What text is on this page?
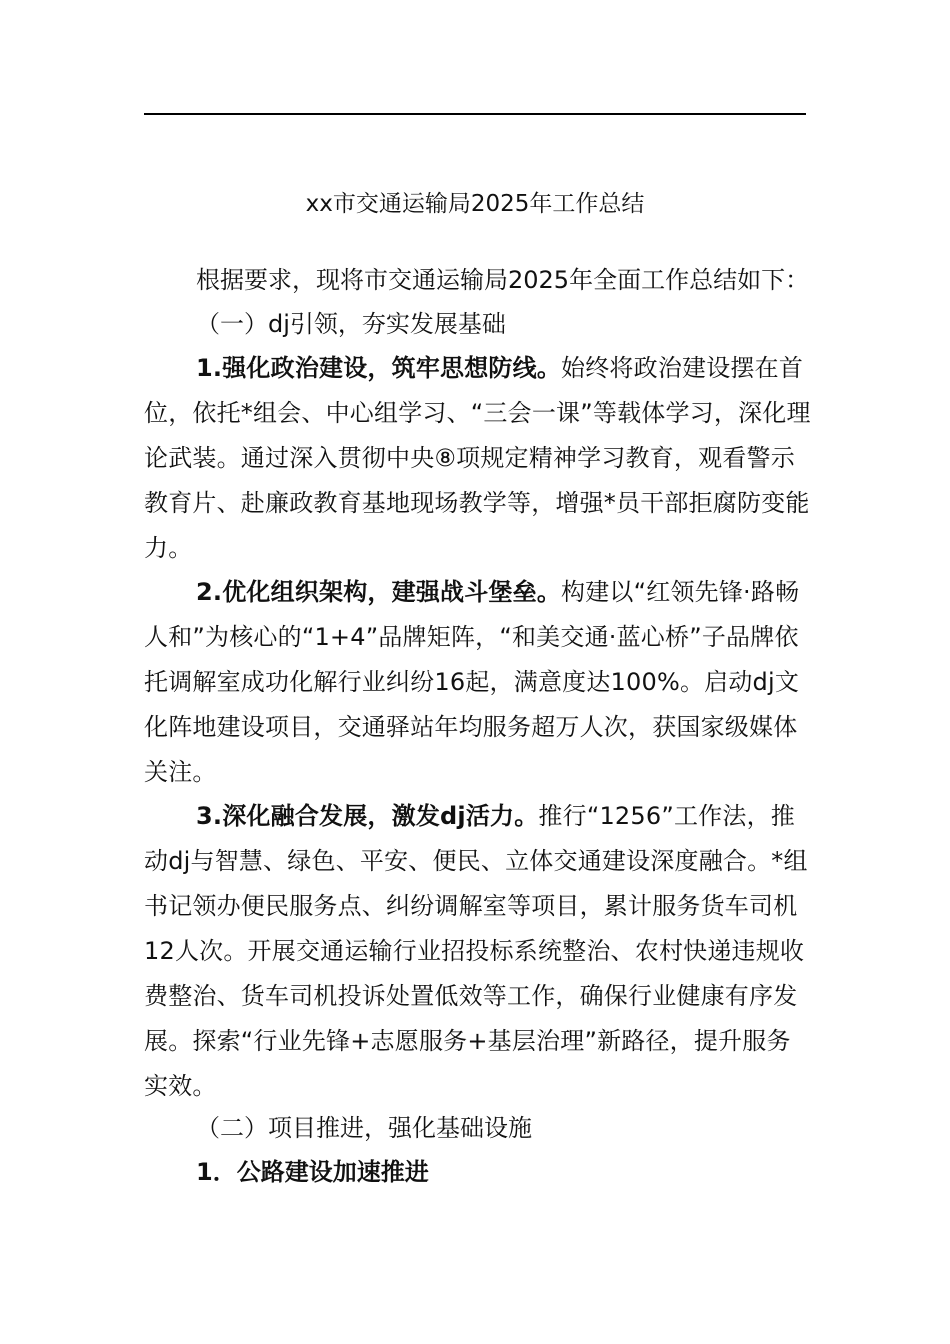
xx市交通运输局2025年工作总结
根据要求，现将市交通运输局2025年全面工作总结如下：
（一）dj引领，夯实发展基础
1.强化政治建设，筑牢思想防线。始终将政治建设摆在首位，依托*组会、中心组学习、“三会一课”等载体学习，深化理论武装。通过深入贯彻中央⑧项规定精神学习教育，观看警示教育片、赴廉政教育基地现场教学等，增强*员干部拒腐防变能力。
2.优化组织架构，建强战斗堡垒。构建以“红领先锋·路畅人和”为核心的“1+4”品牌矩阵，“和美交通·蓝心桥”子品牌依托调解室成功化解行业纠纷16起，满意度达100%。启动dj文化阵地建设项目，交通驿站年均服务超万人次，获国家级媒体关注。
3.深化融合发展，激发dj活力。推行“1256”工作法，推动dj与智慧、绿色、平安、便民、立体交通建设深度融合。*组书记领办便民服务点、纠纷调解室等项目，累计服务货车司机12人次。开展交通运输行业招投标系统整治、农村快递违规收费整治、货车司机投诉处置低效等工作，确保行业健康有序发展。探索“行业先锋+志愿服务+基层治理”新路径，提升服务实效。
（二）项目推进，强化基础设施
1．公路建设加速推进
